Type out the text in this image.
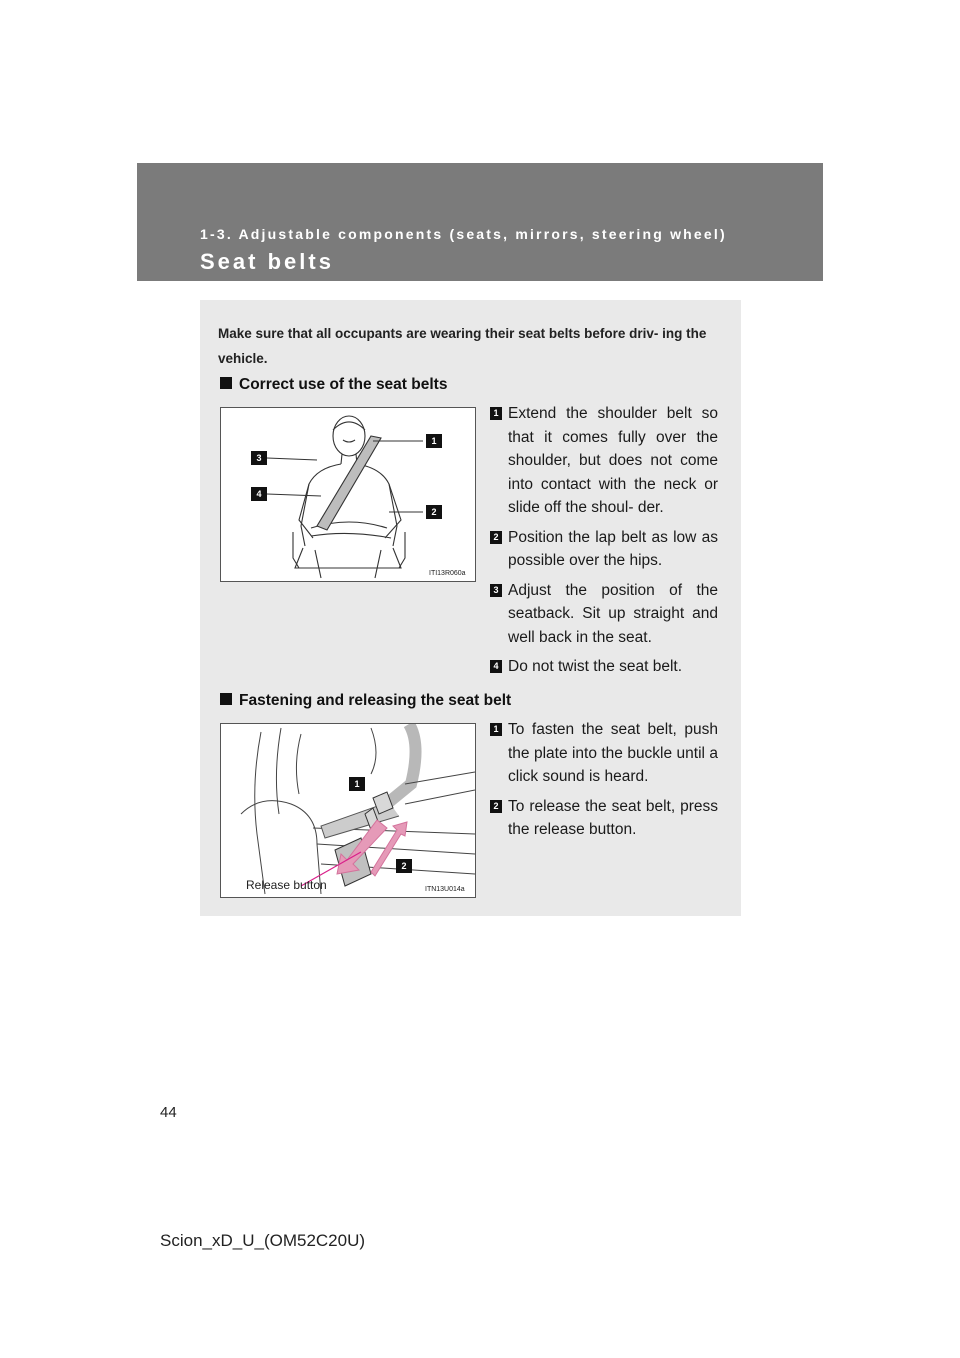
1-3. Adjustable components (seats, mirrors, steering wheel)
Seat belts
Make sure that all occupants are wearing their seat belts before driv- ing the vehicle.
Correct use of the seat belts
1
2
3
4
ITI13R060a
1 Extend the shoulder belt so that it comes fully over the shoulder, but does not come into contact with the neck or slide off the shoul- der.
2 Position the lap belt as low as possible over the hips.
3 Adjust the position of the seatback. Sit up straight and well back in the seat.
4 Do not twist the seat belt.
Fastening and releasing the seat belt
1
2
ITN13U014a
Release button
1 To fasten the seat belt, push the plate into the buckle until a click sound is heard.
2 To release the seat belt, press the release button.
44
Scion_xD_U_(OM52C20U)
